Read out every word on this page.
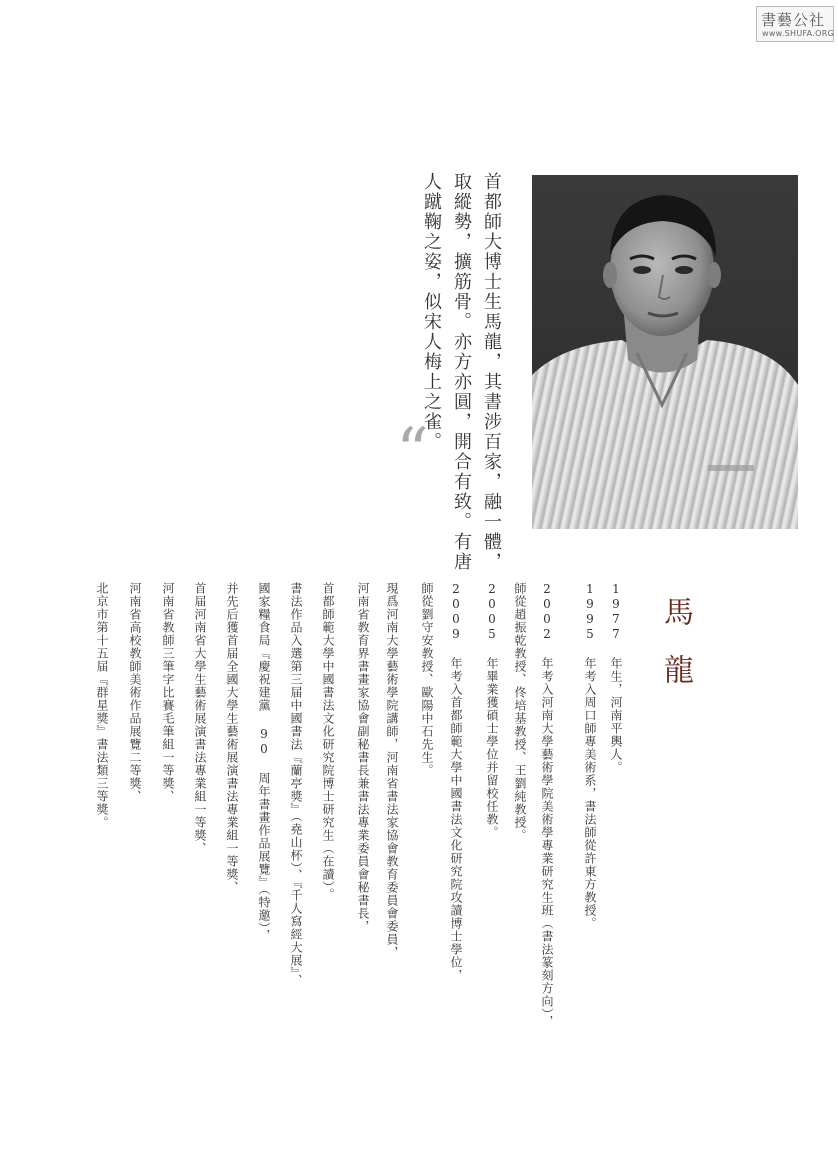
書藝公社
www.SHUFA.ORG
首都師大博士生馬龍，其書涉百家，融一體，
取縱勢，擴筋骨。亦方亦圓，開合有致。有唐
人蹴鞠之姿，似宋人梅上之雀。
“
馬龍
1977 年生，河南平輿人。
1995 年考入周口師專美術系，書法師從許東方教授。
2002 年考入河南大學藝術學院美術學專業研究生班（書法篆刻方向），
師從趙振乾教授、佟培基教授、王劉純教授。
2005 年畢業獲碩士學位并留校任教。
2009 年考入首都師範大學中國書法文化研究院攻讀博士學位，
師從劉守安教授、歐陽中石先生。
現爲河南大學藝術學院講師，河南省書法家協會教育委員會委員，
河南省教育界書畫家協會副秘書長兼書法專業委員會秘書長，
首都師範大學中國書法文化研究院博士研究生（在讀）。
書法作品入選第三届中國書法『蘭亭獎』（堯山杯）、『千人寫經大展』、
國家糧食局『慶祝建黨 90 周年書畫作品展覽』（特邀），
并先后獲首届全國大學生藝術展演書法專業組一等獎、
首届河南省大學生藝術展演書法專業組一等獎、
河南省教師三筆字比賽毛筆組一等獎、
河南省高校教師美術作品展覽二等獎、
北京市第十五届『群星獎』書法類三等獎。
